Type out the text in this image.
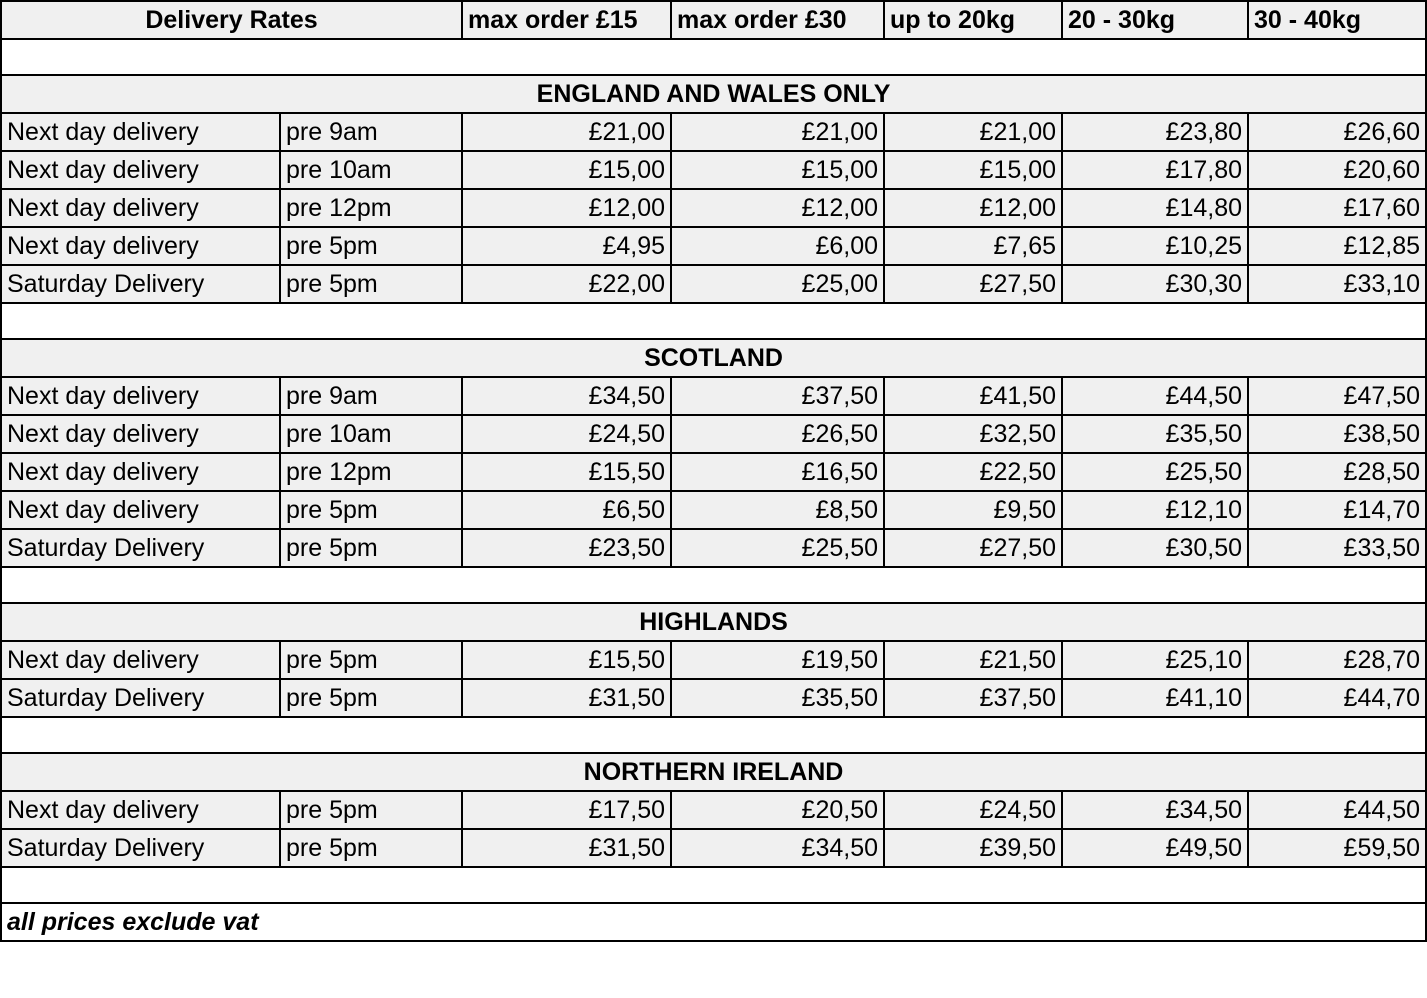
Delivery Rates		max order £15	max order £30	up to 20kg	20 - 30kg	30 - 40kg

ENGLAND AND WALES ONLY						
Next day delivery	pre 9am	£21,00	£21,00	£21,00	£23,80	£26,60
Next day delivery	pre 10am	£15,00	£15,00	£15,00	£17,80	£20,60
Next day delivery	pre 12pm	£12,00	£12,00	£12,00	£14,80	£17,60
Next day delivery	pre 5pm	£4,95	£6,00	£7,65	£10,25	£12,85
Saturday Delivery	pre 5pm	£22,00	£25,00	£27,50	£30,30	£33,10

SCOTLAND						
Next day delivery	pre 9am	£34,50	£37,50	£41,50	£44,50	£47,50
Next day delivery	pre 10am	£24,50	£26,50	£32,50	£35,50	£38,50
Next day delivery	pre 12pm	£15,50	£16,50	£22,50	£25,50	£28,50
Next day delivery	pre 5pm	£6,50	£8,50	£9,50	£12,10	£14,70
Saturday Delivery	pre 5pm	£23,50	£25,50	£27,50	£30,50	£33,50

HIGHLANDS						
Next day delivery	pre 5pm	£15,50	£19,50	£21,50	£25,10	£28,70
Saturday Delivery	pre 5pm	£31,50	£35,50	£37,50	£41,10	£44,70

NORTHERN IRELAND						
Next day delivery	pre 5pm	£17,50	£20,50	£24,50	£34,50	£44,50
Saturday Delivery	pre 5pm	£31,50	£34,50	£39,50	£49,50	£59,50

all prices exclude vat						
